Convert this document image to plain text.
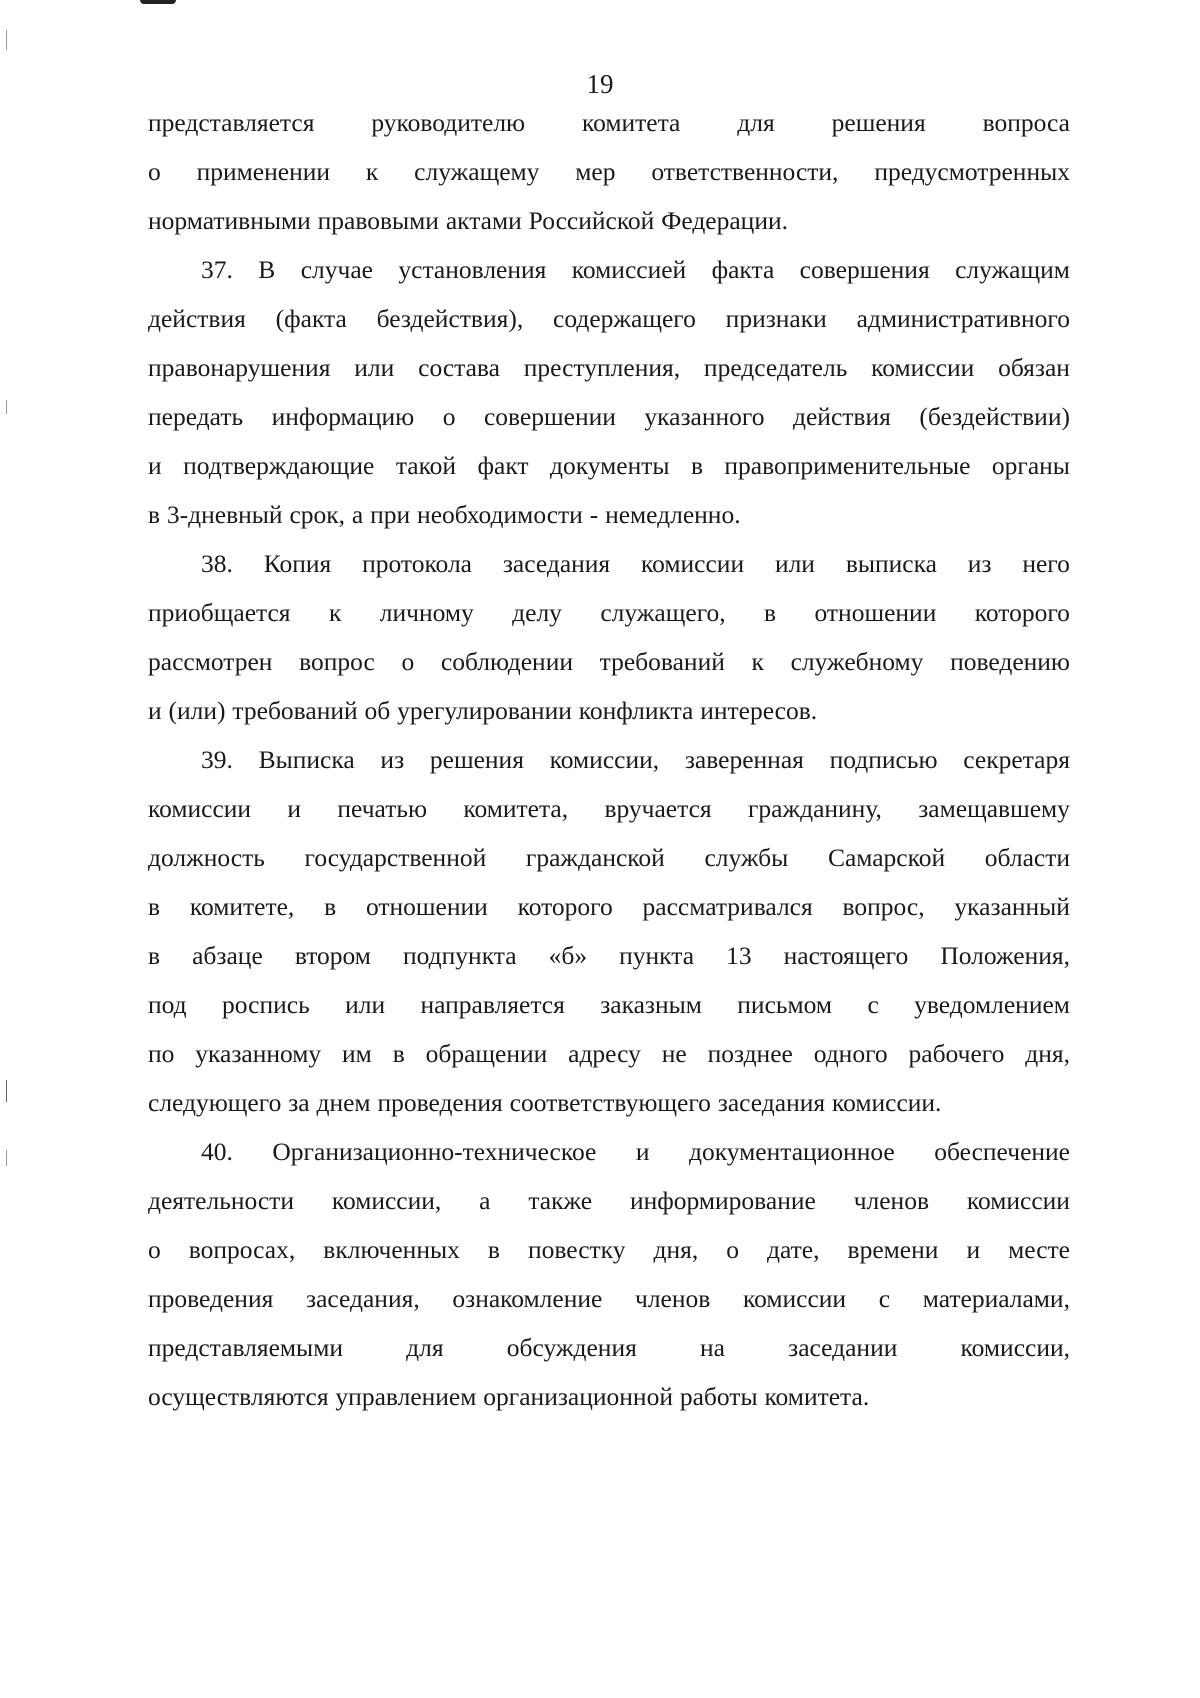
19
представляется руководителю комитета для решения вопроса
о применении к служащему мер ответственности, предусмотренных
нормативными правовыми актами Российской Федерации.
37. В случае установления комиссией факта совершения служащим
действия (факта бездействия), содержащего признаки административного
правонарушения или состава преступления, председатель комиссии обязан
передать информацию о совершении указанного действия (бездействии)
и подтверждающие такой факт документы в правоприменительные органы
в 3-дневный срок, а при необходимости - немедленно.
38. Копия протокола заседания комиссии или выписка из него
приобщается к личному делу служащего, в отношении которого
рассмотрен вопрос о соблюдении требований к служебному поведению
и (или) требований об урегулировании конфликта интересов.
39. Выписка из решения комиссии, заверенная подписью секретаря
комиссии и печатью комитета, вручается гражданину, замещавшему
должность государственной гражданской службы Самарской области
в комитете, в отношении которого рассматривался вопрос, указанный
в абзаце втором подпункта «б» пункта 13 настоящего Положения,
под роспись или направляется заказным письмом с уведомлением
по указанному им в обращении адресу не позднее одного рабочего дня,
следующего за днем проведения соответствующего заседания комиссии.
40. Организационно-техническое и документационное обеспечение
деятельности комиссии, а также информирование членов комиссии
о вопросах, включенных в повестку дня, о дате, времени и месте
проведения заседания, ознакомление членов комиссии с материалами,
представляемыми для обсуждения на заседании комиссии,
осуществляются управлением организационной работы комитета.
